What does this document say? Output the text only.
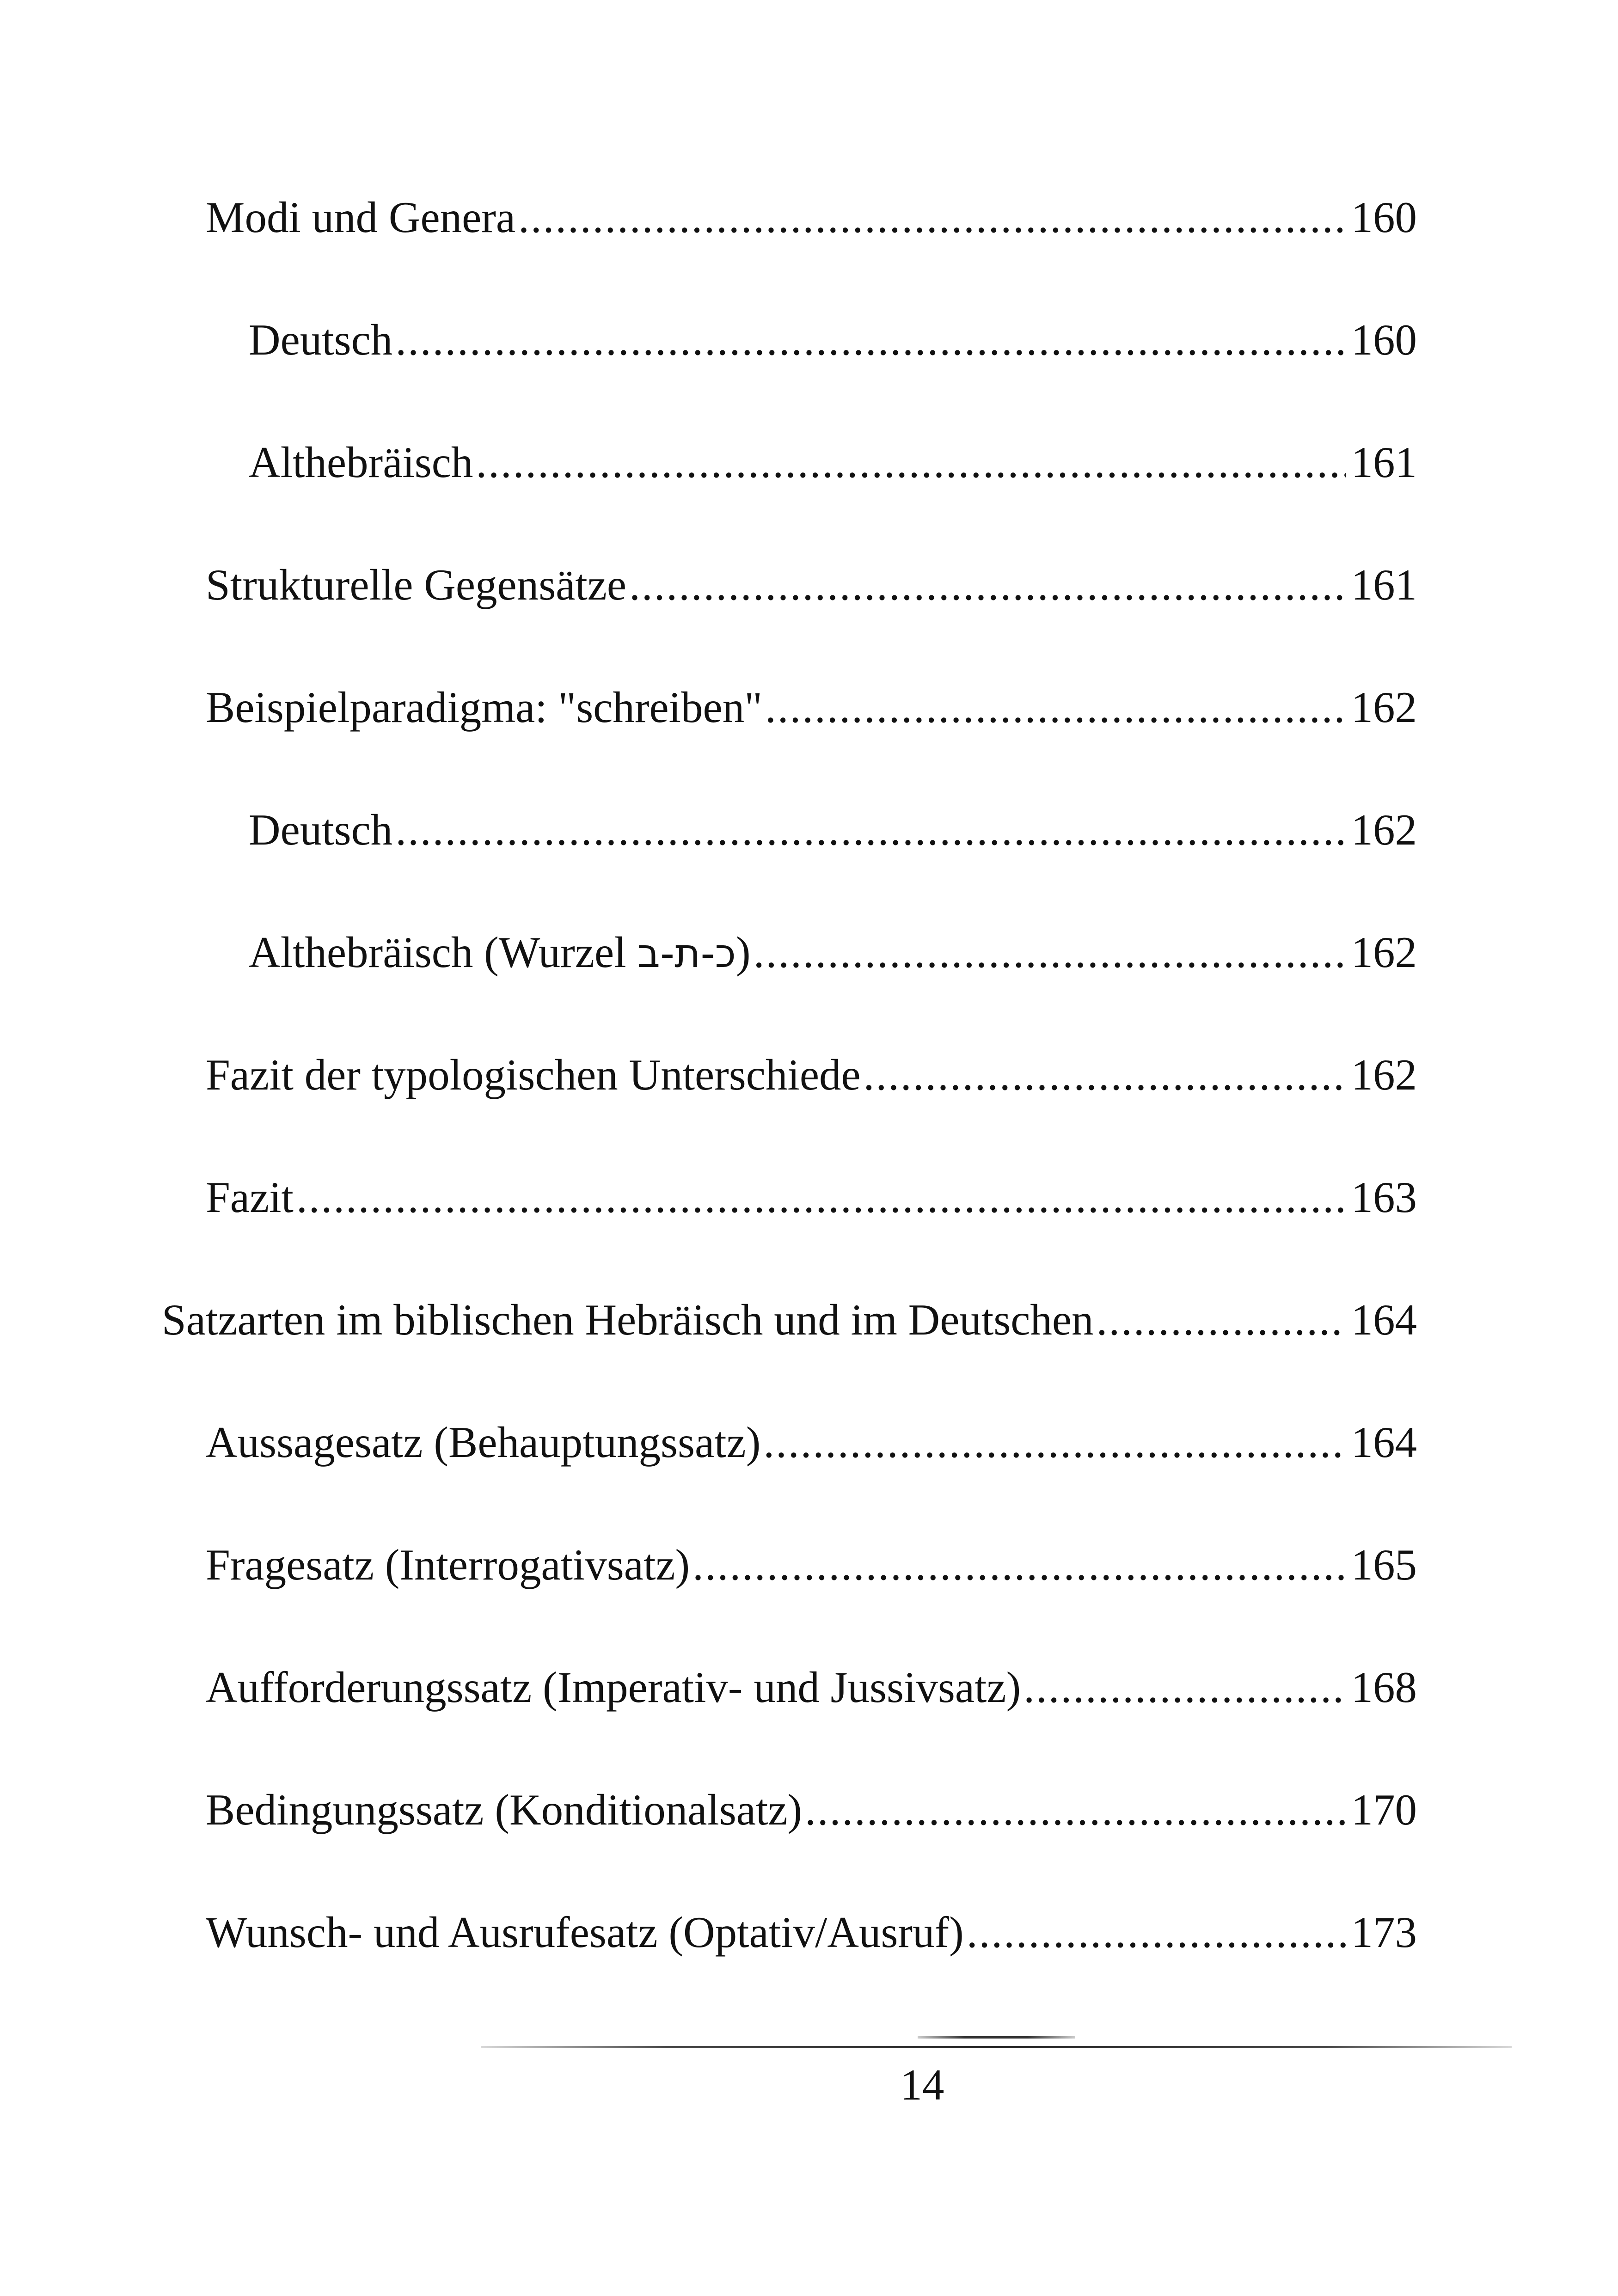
Modi und Genera .....	160
Deutsch .....	160
Althebräisch .....	161
Strukturelle Gegensätze .....	161
Beispielparadigma: "schreiben" .....	162
Deutsch .....	162
Althebräisch (Wurzel כ-ת-ב) .....	162
Fazit der typologischen Unterschiede .....	162
Fazit .....	163
Satzarten im biblischen Hebräisch und im Deutschen .....	164
Aussagesatz (Behauptungssatz) .....	164
Fragesatz (Interrogativsatz) .....	165
Aufforderungssatz (Imperativ- und Jussivsatz) .....	168
Bedingungssatz (Konditionalsatz) .....	170
Wunsch- und Ausrufesatz (Optativ/Ausruf) .....	173
14
